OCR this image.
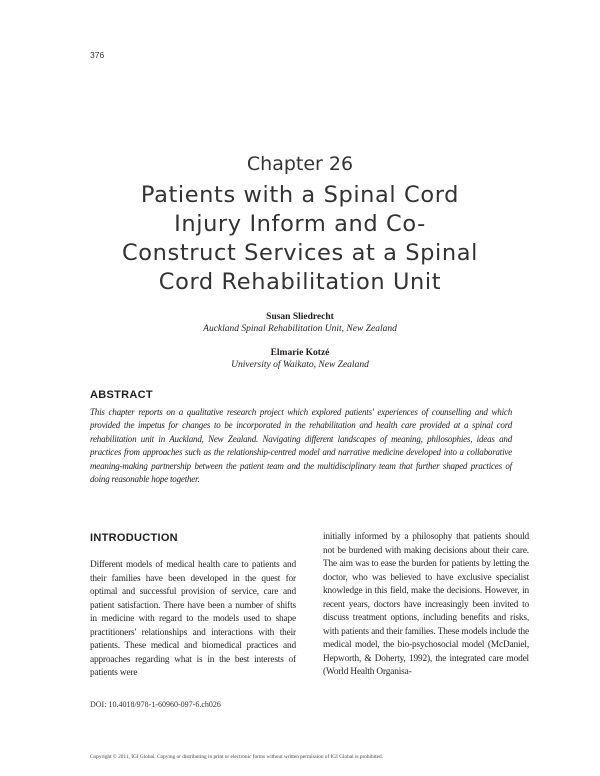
376
Chapter 26
Patients with a Spinal Cord
Injury Inform and Co-
Construct Services at a Spinal
Cord Rehabilitation Unit
Susan Sliedrecht
Auckland Spinal Rehabilitation Unit, New Zealand
Elmarie Kotzé
University of Waikato, New Zealand
ABSTRACT
This chapter reports on a qualitative research project which explored patients' experiences of counselling and which provided the impetus for changes to be incorporated in the rehabilitation and health care provided at a spinal cord rehabilitation unit in Auckland, New Zealand. Navigating different landscapes of meaning, philosophies, ideas and practices from approaches such as the relationship-centred model and narrative medicine developed into a collaborative meaning-making partnership between the patient team and the multidisciplinary team that further shaped practices of doing reasonable hope together.
INTRODUCTION
Different models of medical health care to patients and their families have been developed in the quest for optimal and successful provision of service, care and patient satisfaction. There have been a number of shifts in medicine with regard to the models used to shape practitioners' relationships and interactions with their patients. These medical and biomedical practices and approaches regarding what is in the best interests of patients were
initially informed by a philosophy that patients should not be burdened with making decisions about their care. The aim was to ease the burden for patients by letting the doctor, who was believed to have exclusive specialist knowledge in this field, make the decisions. However, in recent years, doctors have increasingly been invited to discuss treatment options, including benefits and risks, with patients and their families. These models include the medical model, the bio-psychosocial model (McDaniel, Hepworth, & Doherty, 1992), the integrated care model (World Health Organisa-
DOI: 10.4018/978-1-60960-097-6.ch026
Copyright © 2011, IGI Global. Copying or distributing in print or electronic forms without written permission of IGI Global is prohibited.
